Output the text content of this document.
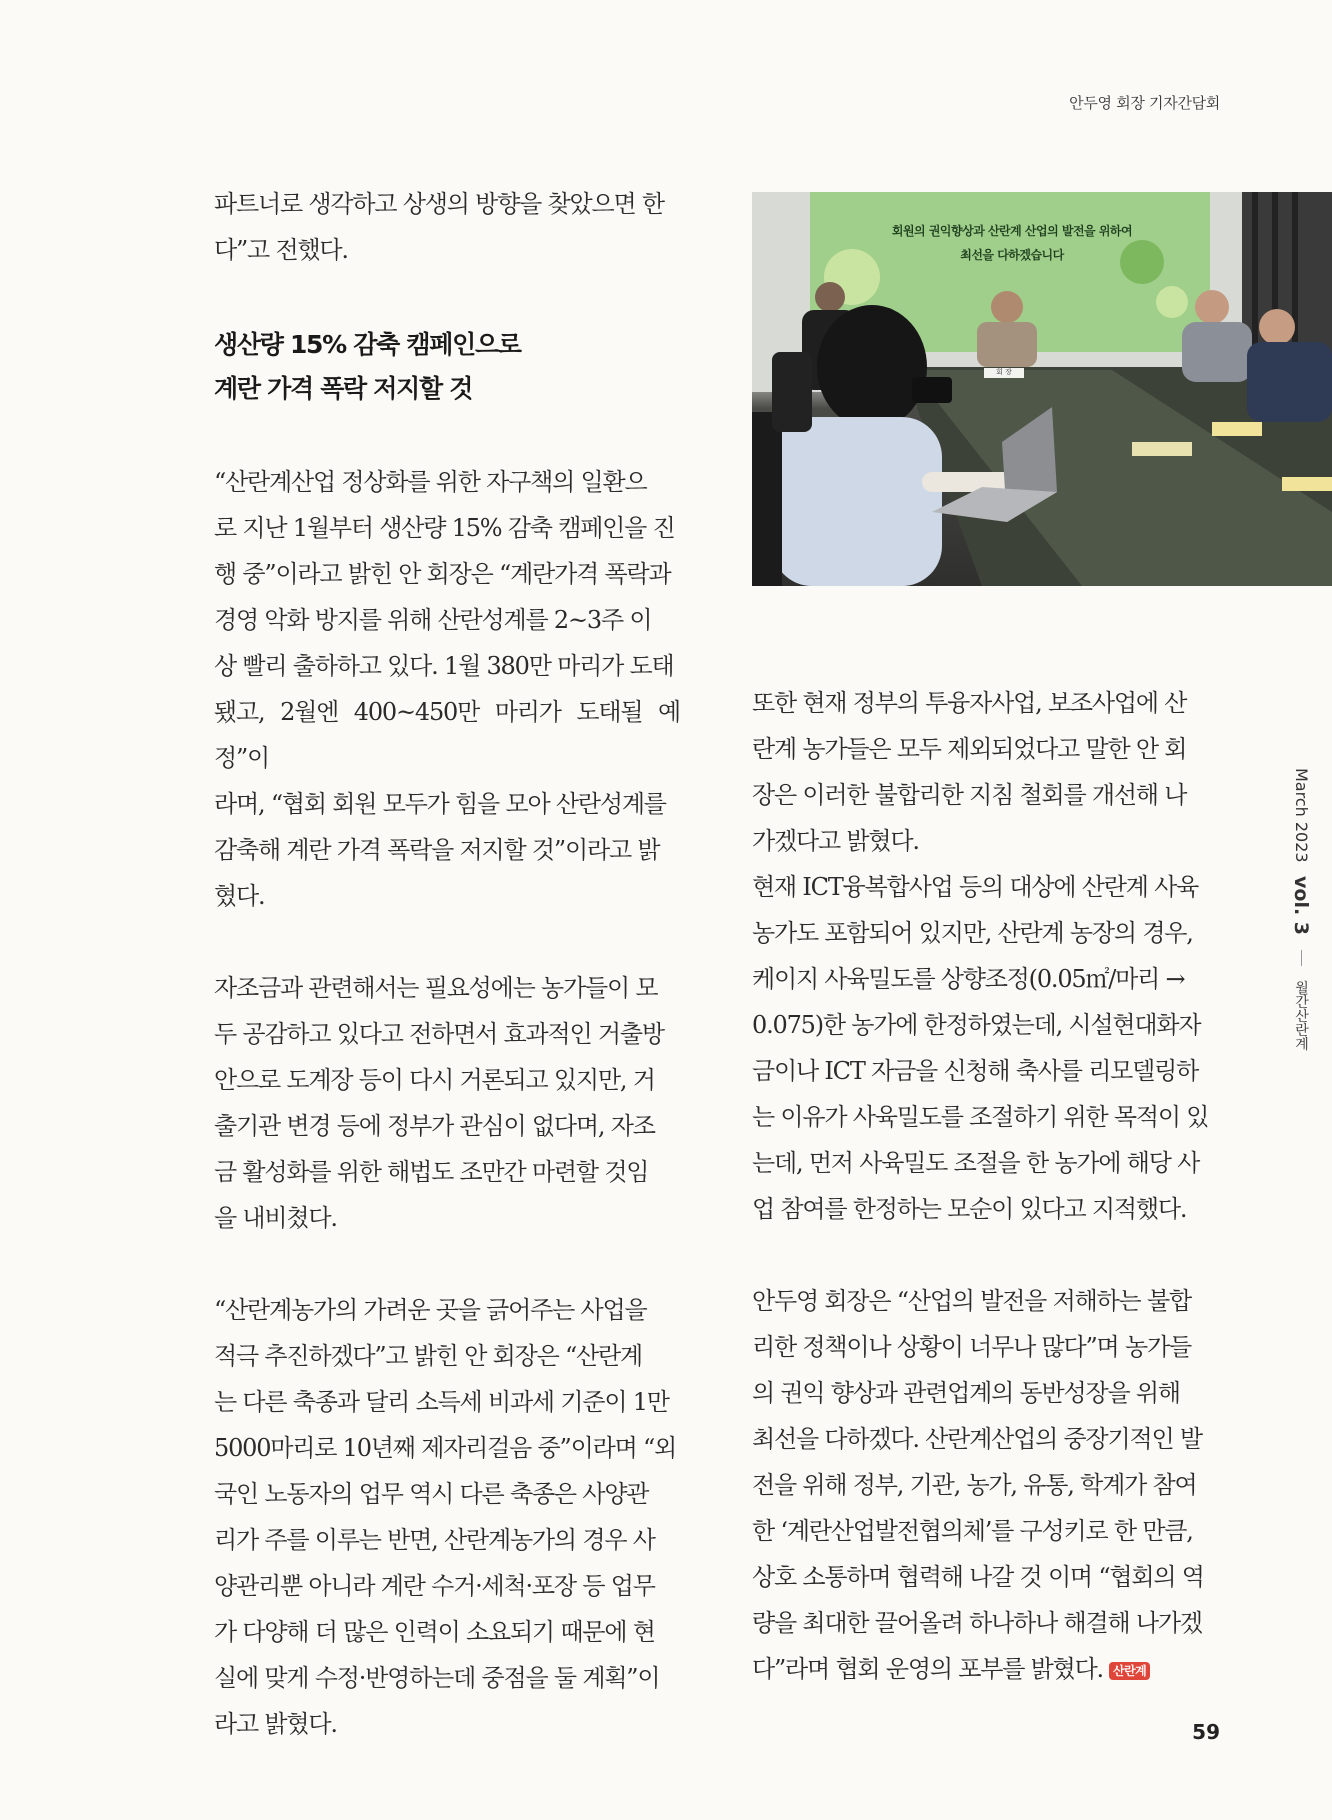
안두영 회장 기자간담회

파트너로 생각하고 상생의 방향을 찾았으면 한
다”고 전했다.

생산량 15% 감축 캠페인으로
계란 가격 폭락 저지할 것

“산란계산업 정상화를 위한 자구책의 일환으
로 지난 1월부터 생산량 15% 감축 캠페인을 진
행 중”이라고 밝힌 안 회장은 “계란가격 폭락과
경영 악화 방지를 위해 산란성계를 2~3주 이
상 빨리 출하하고 있다. 1월 380만 마리가 도태
됐고, 2월엔 400~450만 마리가 도태될 예정”이
라며, “협회 회원 모두가 힘을 모아 산란성계를
감축해 계란 가격 폭락을 저지할 것”이라고 밝
혔다.

자조금과 관련해서는 필요성에는 농가들이 모
두 공감하고 있다고 전하면서 효과적인 거출방
안으로 도계장 등이 다시 거론되고 있지만, 거
출기관 변경 등에 정부가 관심이 없다며, 자조
금 활성화를 위한 해법도 조만간 마련할 것임
을 내비쳤다.

“산란계농가의 가려운 곳을 긁어주는 사업을
적극 추진하겠다”고 밝힌 안 회장은 “산란계
는 다른 축종과 달리 소득세 비과세 기준이 1만
5000마리로 10년째 제자리걸음 중”이라며 “외
국인 노동자의 업무 역시 다른 축종은 사양관
리가 주를 이루는 반면, 산란계농가의 경우 사
양관리뿐 아니라 계란 수거·세척·포장 등 업무
가 다양해 더 많은 인력이 소요되기 때문에 현
실에 맞게 수정·반영하는데 중점을 둘 계획”이
라고 밝혔다.

회원의 권익향상과 산란계 산업의 발전을 위하여
최선을 다하겠습니다
회 장

또한 현재 정부의 투융자사업, 보조사업에 산
란계 농가들은 모두 제외되었다고 말한 안 회
장은 이러한 불합리한 지침 철회를 개선해 나
가겠다고 밝혔다.

현재 ICT융복합사업 등의 대상에 산란계 사육
농가도 포함되어 있지만, 산란계 농장의 경우,
케이지 사육밀도를 상향조정(0.05㎡/마리 →
0.075)한 농가에 한정하였는데, 시설현대화자
금이나 ICT 자금을 신청해 축사를 리모델링하
는 이유가 사육밀도를 조절하기 위한 목적이 있
는데, 먼저 사육밀도 조절을 한 농가에 해당 사
업 참여를 한정하는 모순이 있다고 지적했다.

안두영 회장은 “산업의 발전을 저해하는 불합
리한 정책이나 상황이 너무나 많다”며 농가들
의 권익 향상과 관련업계의 동반성장을 위해
최선을 다하겠다. 산란계산업의 중장기적인 발
전을 위해 정부, 기관, 농가, 유통, 학계가 참여
한 ‘계란산업발전협의체’를 구성키로 한 만큼,
상호 소통하며 협력해 나갈 것 이며 “협회의 역
량을 최대한 끌어올려 하나하나 해결해 나가겠
다”라며 협회 운영의 포부를 밝혔다. 산란계

March 2023 vol. 3  월간산란계
59
